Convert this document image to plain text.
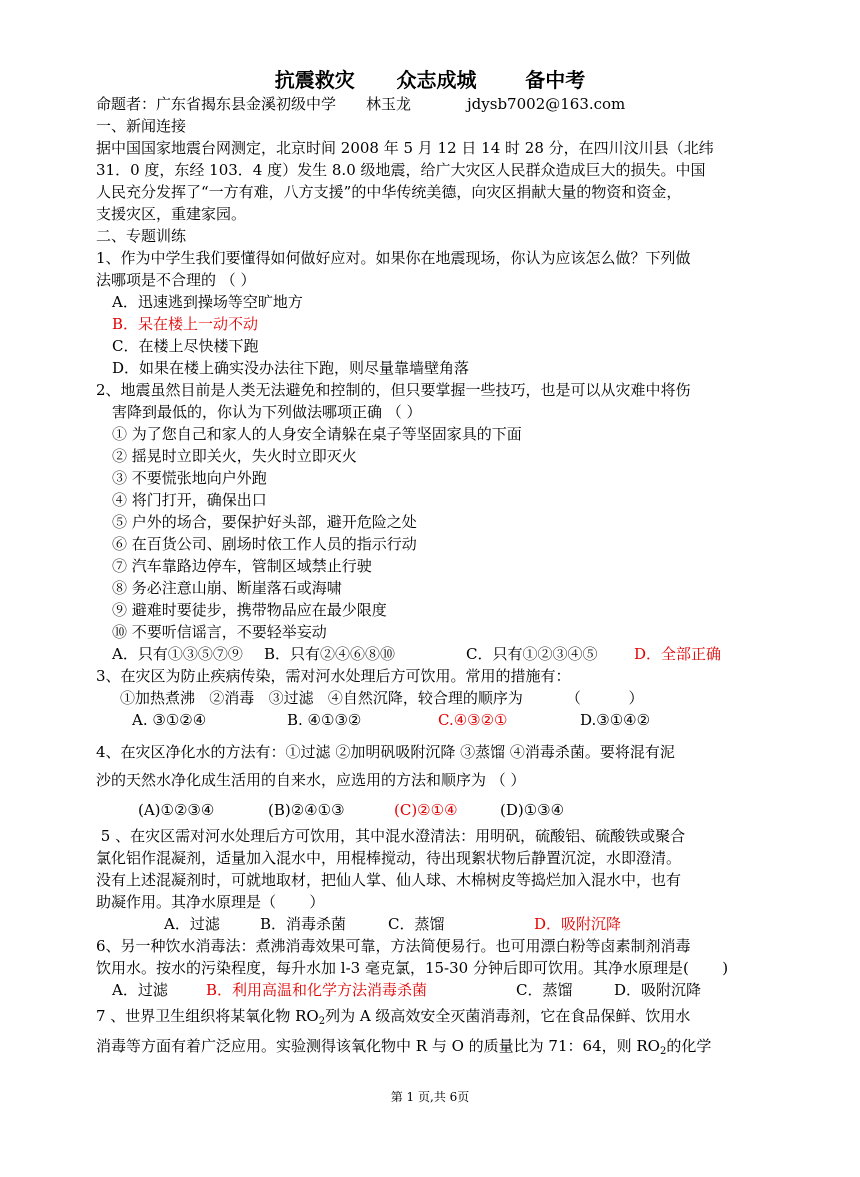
抗震救灾      众志成城       备中考
命题者：广东省揭东县金溪初级中学 林玉龙	jdysb7002@163.com
一、新闻连接
据中国国家地震台网测定，北京时间 2008 年 5 月 12 日 14 时 28 分，在四川汶川县（北纬
31．0 度，东经 103．4 度）发生 8.0 级地震，给广大灾区人民群众造成巨大的损失。中国
人民充分发挥了“一方有难，八方支援”的中华传统美德，向灾区捐献大量的物资和资金，
支援灾区，重建家园。
二、专题训练
1、作为中学生我们要懂得如何做好应对。如果你在地震现场，你认为应该怎么做？下列做
法哪项是不合理的 （ ）
A．迅速逃到操场等空旷地方
B．呆在楼上一动不动
C．在楼上尽快楼下跑
D．如果在楼上确实没办法往下跑，则尽量靠墙壁角落
2、地震虽然目前是人类无法避免和控制的，但只要掌握一些技巧，也是可以从灾难中将伤
害降到最低的，你认为下列做法哪项正确 （ ）
① 为了您自己和家人的人身安全请躲在桌子等坚固家具的下面
② 摇晃时立即关火，失火时立即灭火
③ 不要慌张地向户外跑
④ 将门打开，确保出口
⑤ 户外的场合，要保护好头部，避开危险之处
⑥ 在百货公司、剧场时依工作人员的指示行动
⑦ 汽车靠路边停车，管制区域禁止行驶
⑧ 务必注意山崩、断崖落石或海啸
⑨ 避难时要徒步，携带物品应在最少限度
⑩ 不要听信谣言，不要轻举妄动
A．只有①③⑤⑦⑨ B．只有②④⑥⑧⑩	C．只有①②③④⑤ D．全部正确
3、在灾区为防止疾病传染，需对河水处理后方可饮用。常用的措施有：
①加热煮沸   ②消毒   ③过滤   ④自然沉降，较合理的顺序为         （          ）
A. ③①②④	B. ④①③②	C.④③②①	D.③①④②
4、在灾区净化水的方法有：①过滤 ②加明矾吸附沉降 ③蒸馏 ④消毒杀菌。要将混有泥
沙的天然水净化成生活用的自来水，应选用的方法和顺序为 （ ）
(A)①②③④	(B)②④①③	(C)②①④	(D)①③④
5 、在灾区需对河水处理后方可饮用，其中混水澄清法：用明矾，硫酸铝、硫酸铁或聚合
氯化铝作混凝剂，适量加入混水中，用棍棒搅动，待出现絮状物后静置沉淀，水即澄清。
没有上述混凝剂时，可就地取材，把仙人掌、仙人球、木棉树皮等捣烂加入混水中，也有
助凝作用。其净水原理是（       ）
A．过滤	B．消毒杀菌	C．蒸馏	D．吸附沉降
6、另一种饮水消毒法：煮沸消毒效果可靠，方法简便易行。也可用漂白粉等卤素制剂消毒
饮用水。按水的污染程度，每升水加 l-3 毫克氯，15-30 分钟后即可饮用。其净水原理是(       )
A．过滤	B．利用高温和化学方法消毒杀菌	C．蒸馏	D．吸附沉降
7 、世界卫生组织将某氧化物 $RO_2$列为 A 级高效安全灭菌消毒剂，它在食品保鲜、饮用水
消毒等方面有着广泛应用。实验测得该氧化物中 R 与 O 的质量比为 71：64，则 $RO_2$的化学
第 1 页,共 6页
